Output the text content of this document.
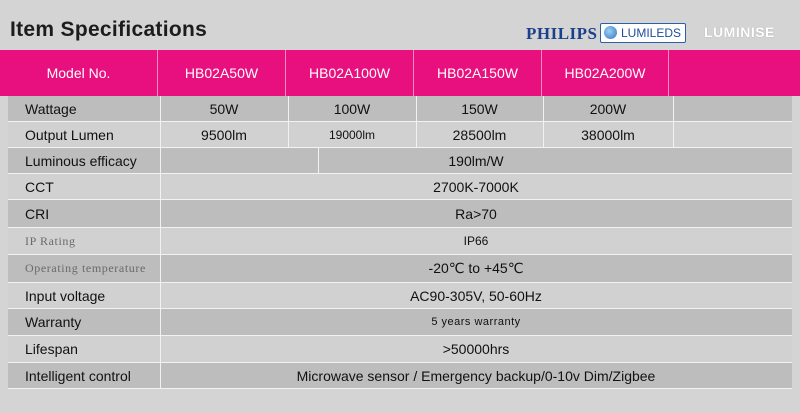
Item Specifications	PHILIPS	LUMILEDS	LUMINISE
Model No.	HB02A50W	HB02A100W	HB02A150W	HB02A200W
Wattage	50W	100W	150W	200W
Output Lumen	9500lm	19000lm	28500lm	38000lm
Luminous efficacy	190lm/W
CCT	2700K-7000K
CRI	Ra>70
IP Rating	IP66
Operating temperature	-20℃ to +45℃
Input voltage	AC90-305V, 50-60Hz
Warranty	5 years warranty
Lifespan	>50000hrs
Intelligent control	Microwave sensor / Emergency backup/0-10v Dim/Zigbee
